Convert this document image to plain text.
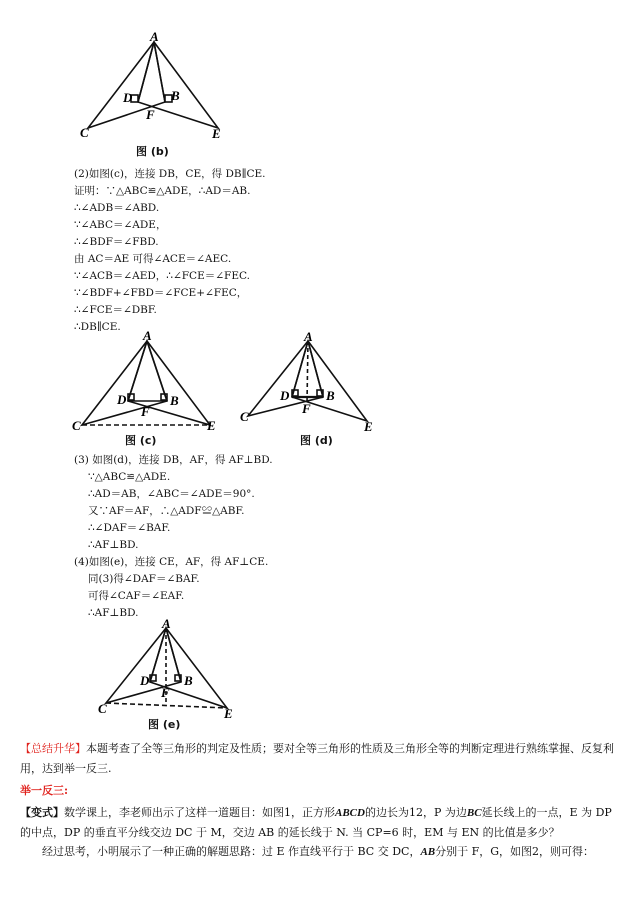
A
D	B
F
C	E
图 (b)
(2)如图(c)，连接 DB，CE，得 DB∥CE.
证明：∵△ABC≌△ADE，∴AD＝AB.
∴∠ADB＝∠ABD.
∵∠ABC＝∠ADE，
∴∠BDF＝∠FBD.
由 AC＝AE 可得∠ACE＝∠AEC.
∵∠ACB＝∠AED，∴∠FCE＝∠FEC.
∵∠BDF+∠FBD＝∠FCE+∠FEC，
∴∠FCE＝∠DBF.
∴DB∥CE.
A
D	B
F
C	E
图 (c)
A
D	B
F
C
E
图 (d)
(3) 如图(d)，连接 DB，AF，得 AF⊥BD.
∵△ABC≌△ADE.
∴AD＝AB，∠ABC＝∠ADE＝90°.
又∵AF＝AF，∴△ADF≌△ABF.
∴∠DAF＝∠BAF.
∴AF⊥BD.
(4)如图(e)，连接 CE，AF，得 AF⊥CE.
同(3)得∠DAF＝∠BAF.
可得∠CAF＝∠EAF.
∴AF⊥BD.
A
D	B
F
C	E
图 (e)
【总结升华】本题考查了全等三角形的判定及性质；要对全等三角形的性质及三角形全等的判断定理进行熟练掌握、反复利用，达到举一反三.
举一反三:
【变式】数学课上，李老师出示了这样一道题目：如图1，正方形ABCD的边长为12，P 为边BC延长线上的一点，E 为 DP 的中点，DP 的垂直平分线交边 DC 于 M，交边 AB 的延长线于 N. 当 CP=6 时，EM 与 EN 的比值是多少？
经过思考，小明展示了一种正确的解题思路：过 E 作直线平行于 BC 交 DC，AB分别于 F，G，如图2，则可得：
